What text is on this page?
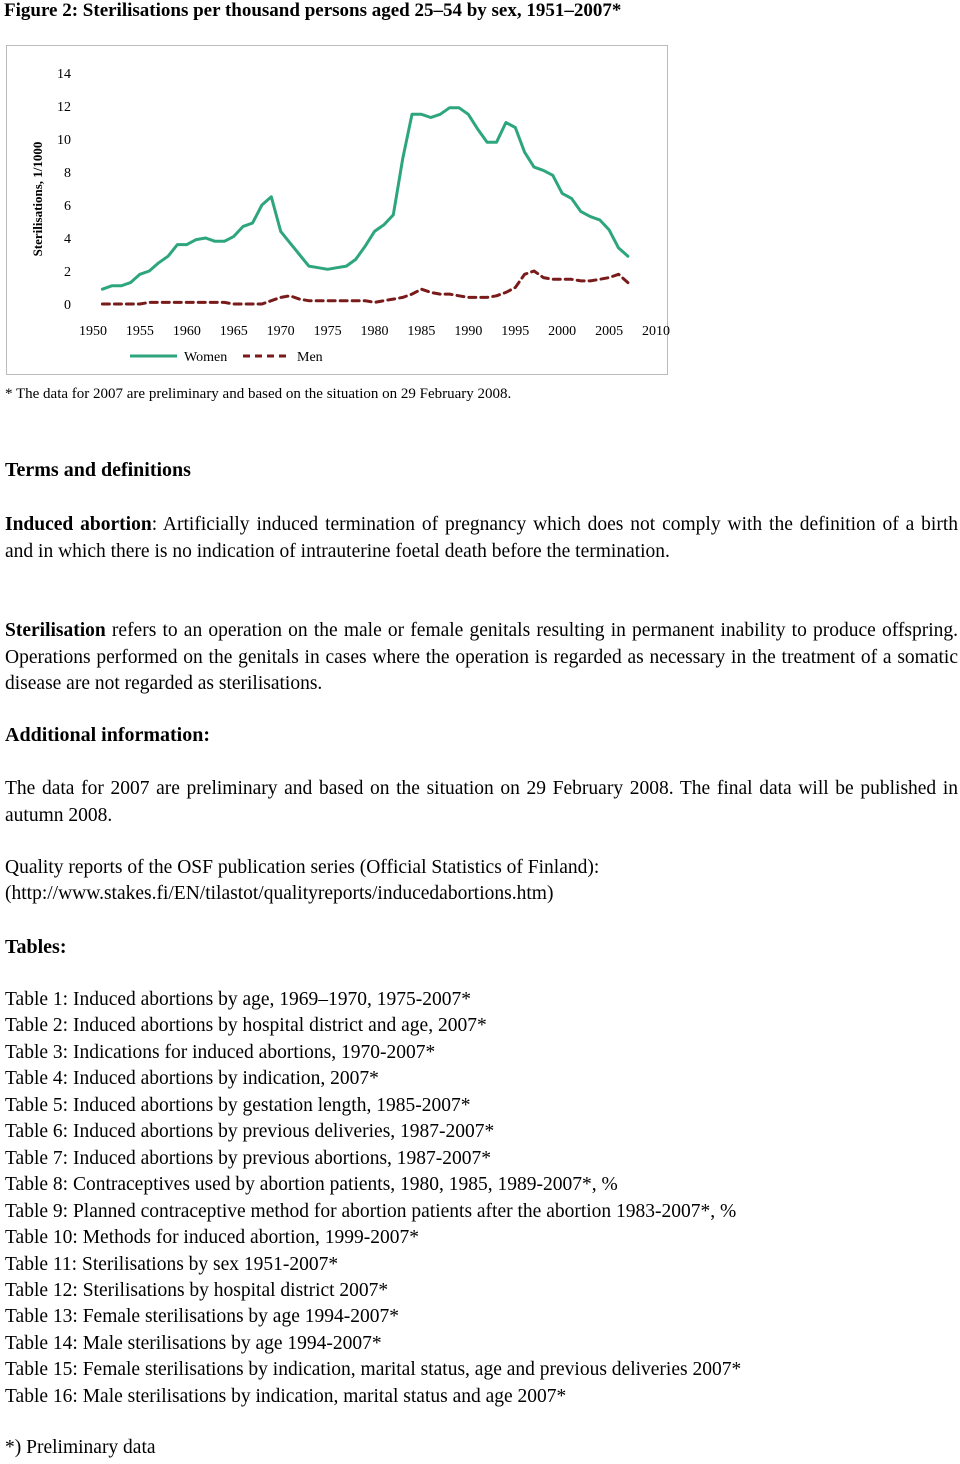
Figure 2: Sterilisations per thousand persons aged 25–54 by sex, 1951–2007*
0
2
4
6
8
10
12
14
1950 1955 1960 1965 1970 1975 1980 1985 1990 1995 2000 2005 2010
Sterilisations, 1/1000
Women	Men
* The data for 2007 are preliminary and based on the situation on 29 February 2008.
Terms and definitions
Induced abortion: Artificially induced termination of pregnancy which does not comply with the definition of a birth and in which there is no indication of intrauterine foetal death before the termination.
Sterilisation refers to an operation on the male or female genitals resulting in permanent inability to produce offspring. Operations performed on the genitals in cases where the operation is regarded as necessary in the treatment of a somatic disease are not regarded as sterilisations.
Additional information:
The data for 2007 are preliminary and based on the situation on 29 February 2008. The final data will be published in autumn 2008.
Quality reports of the OSF publication series (Official Statistics of Finland):
(http://www.stakes.fi/EN/tilastot/qualityreports/inducedabortions.htm)
Tables:
Table 1: Induced abortions by age, 1969–1970, 1975-2007*
Table 2: Induced abortions by hospital district and age, 2007*
Table 3: Indications for induced abortions, 1970-2007*
Table 4: Induced abortions by indication, 2007*
Table 5: Induced abortions by gestation length, 1985-2007*
Table 6: Induced abortions by previous deliveries, 1987-2007*
Table 7: Induced abortions by previous abortions, 1987-2007*
Table 8: Contraceptives used by abortion patients, 1980, 1985, 1989-2007*, %
Table 9: Planned contraceptive method for abortion patients after the abortion 1983-2007*, %
Table 10: Methods for induced abortion, 1999-2007*
Table 11: Sterilisations by sex 1951-2007*
Table 12: Sterilisations by hospital district 2007*
Table 13: Female sterilisations by age 1994-2007*
Table 14: Male sterilisations by age 1994-2007*
Table 15: Female sterilisations by indication, marital status, age and previous deliveries 2007*
Table 16: Male sterilisations by indication, marital status and age 2007*
*) Preliminary data
